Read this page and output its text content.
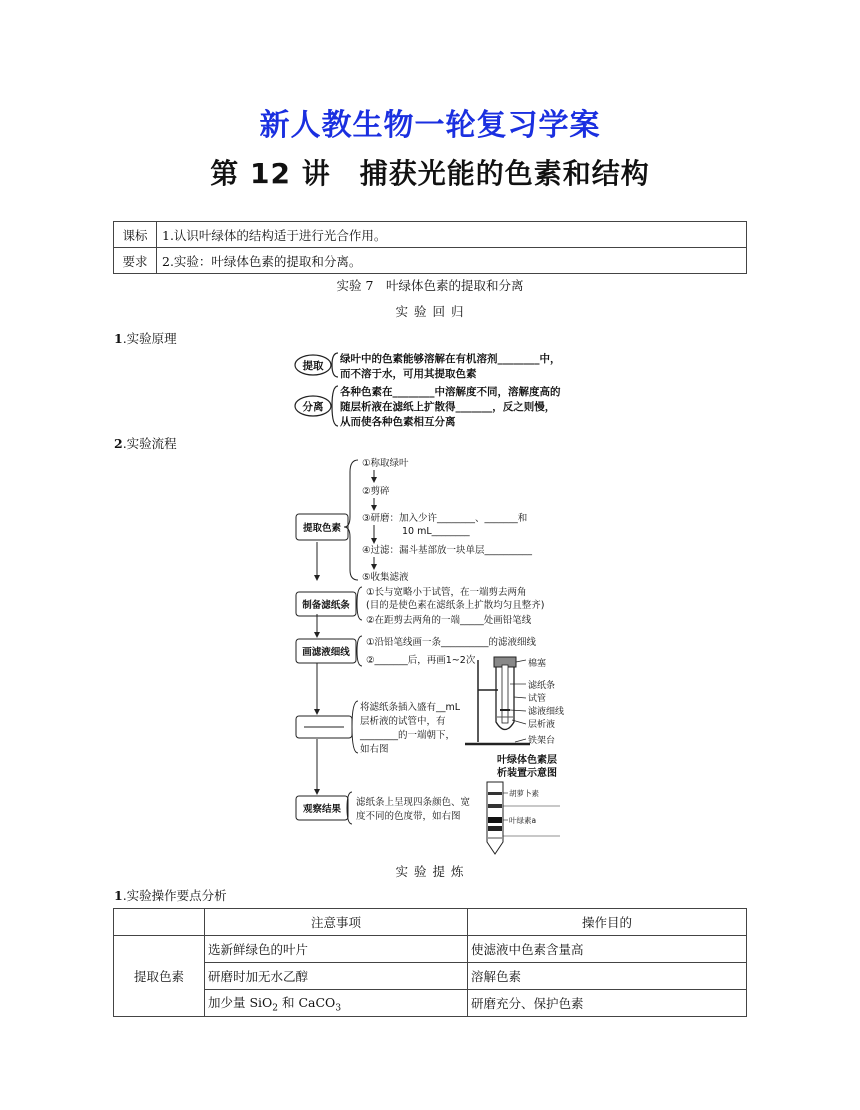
新人教生物一轮复习学案
第 12 讲　捕获光能的色素和结构
课标	1.认识叶绿体的结构适于进行光合作用。
要求	2.实验：叶绿体色素的提取和分离。
实验 7　 叶绿体色素的提取和分离
实 验 回 归
1.实验原理
提取
绿叶中的色素能够溶解在有机溶剂________中，
而不溶于水，可用其提取色素
分离
各种色素在________中溶解度不同，溶解度高的
随层析液在滤纸上扩散得_______，反之则慢，
从而使各种色素相互分离
2.实验流程
提取色素
制备滤纸条
画滤液细线
观察结果
①称取绿叶
②剪碎
③研磨：加入少许________、_______和
10 mL________
④过滤：漏斗基部放一块单层__________
⑤收集滤液
①长与宽略小于试管，在一端剪去两角
(目的是使色素在滤纸条上扩散均匀且整齐)
②在距剪去两角的一端_____处画铅笔线
①沿铅笔线画一条__________的滤液细线
②_______后，再画1~2次
将滤纸条插入盛有__mL
层析液的试管中，有
________的一端朝下，
如右图
滤纸条上呈现四条颜色、宽
度不同的色度带，如右图
棉塞
滤纸条
试管
滤液细线
层析液
铁架台
叶绿体色素层
析装置示意图
胡萝卜素
叶绿素a
实 验 提 炼
1.实验操作要点分析
	注意事项	操作目的
提取色素	选新鲜绿色的叶片	使滤液中色素含量高
	研磨时加无水乙醇	溶解色素
	加少量 SiO$_2$ 和 CaCO$_3$	研磨充分、保护色素
